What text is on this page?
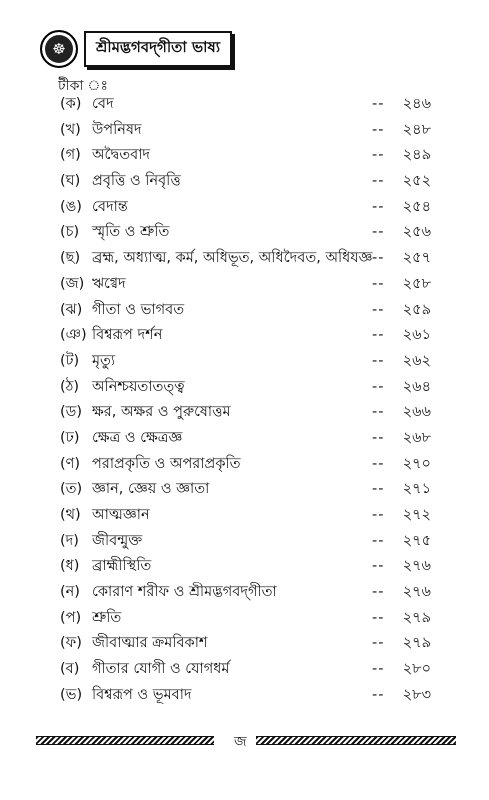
☸	শ্রীমদ্ভগবদ্‌গীতা ভাষ্য
টীকা ঃ
(ক) বেদ	-- ২৪৬
(খ) উপনিষদ	-- ২৪৮
(গ) অদ্বৈতবাদ	-- ২৪৯
(ঘ) প্রবৃত্তি ও নিবৃত্তি	-- ২৫২
(ঙ) বেদান্ত	-- ২৫৪
(চ) স্মৃতি ও শ্রুতি	-- ২৫৬
(ছ) ব্রহ্ম, অধ্যাত্ম, কর্ম, অধিভূত, অধিদৈবত, অধিযজ্ঞ -- ২৫৭
(জ) ঋগ্বেদ	-- ২৫৮
(ঝ) গীতা ও ভাগবত	-- ২৫৯
(ঞ) বিশ্বরূপ দর্শন	-- ২৬১
(ট) মৃত্যু	-- ২৬২
(ঠ) অনিশ্চয়তাতত্ত্ব	-- ২৬৪
(ড) ক্ষর, অক্ষর ও পুরুষোত্তম	-- ২৬৬
(ঢ) ক্ষেত্র ও ক্ষেত্রজ্ঞ	-- ২৬৮
(ণ) পরাপ্রকৃতি ও অপরাপ্রকৃতি	-- ২৭০
(ত) জ্ঞান, জ্ঞেয় ও জ্ঞাতা	-- ২৭১
(থ) আত্মজ্ঞান	-- ২৭২
(দ) জীবন্মুক্ত	-- ২৭৫
(ধ) ব্রাহ্মীস্থিতি	-- ২৭৬
(ন) কোরাণ শরীফ ও শ্রীমদ্ভগবদ্‌গীতা	-- ২৭৬
(প) শ্রুতি	-- ২৭৯
(ফ) জীবাত্মার ক্রমবিকাশ	-- ২৭৯
(ব) গীতার যোগী ও যোগধর্ম	-- ২৮০
(ভ) বিশ্বরূপ ও ভূমবাদ	-- ২৮৩
জ
